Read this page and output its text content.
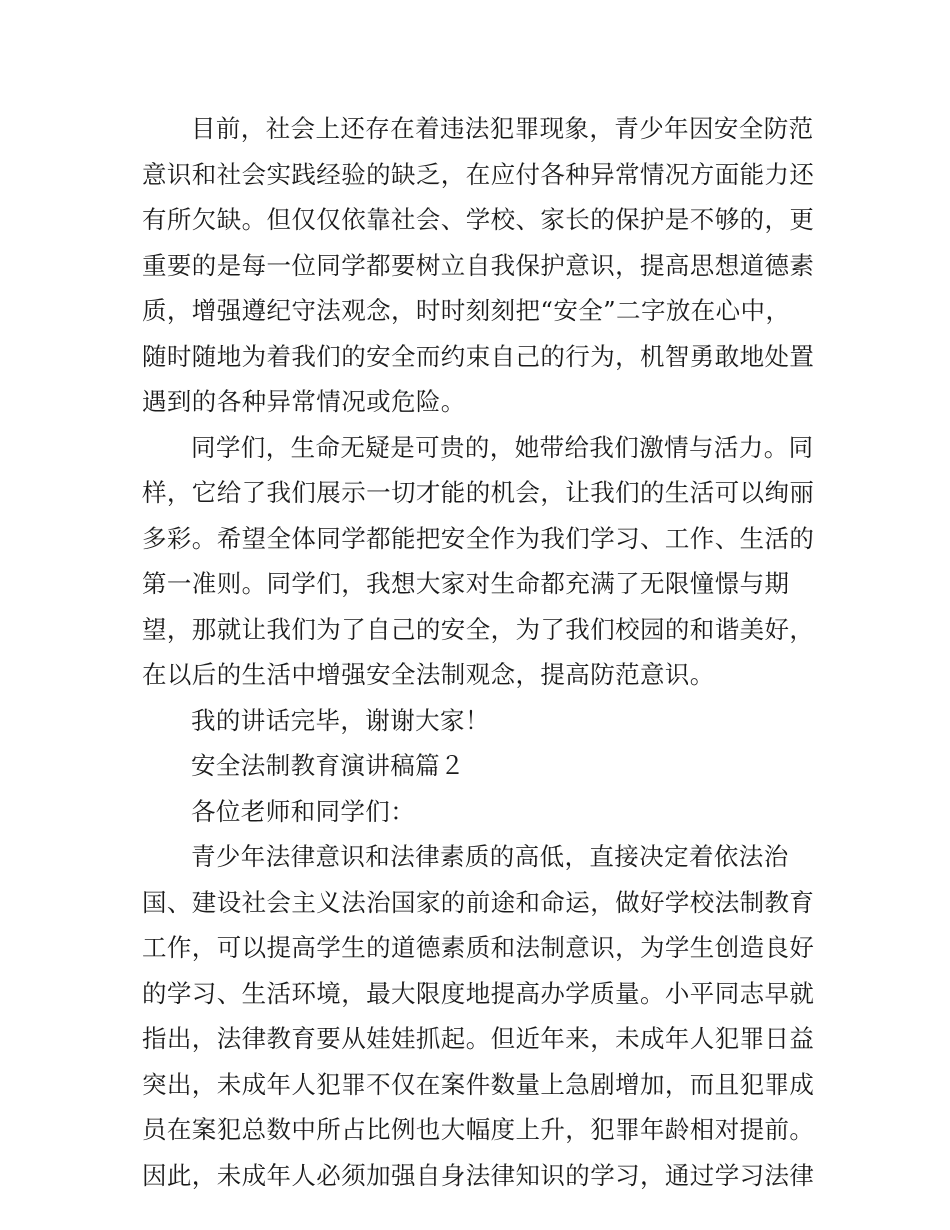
目前，社会上还存在着违法犯罪现象，青少年因安全防范
意识和社会实践经验的缺乏，在应付各种异常情况方面能力还
有所欠缺。但仅仅依靠社会、学校、家长的保护是不够的，更
重要的是每一位同学都要树立自我保护意识，提高思想道德素
质，增强遵纪守法观念，时时刻刻把“安全”二字放在心中，
随时随地为着我们的安全而约束自己的行为，机智勇敢地处置
遇到的各种异常情况或危险。

同学们，生命无疑是可贵的，她带给我们激情与活力。同
样，它给了我们展示一切才能的机会，让我们的生活可以绚丽
多彩。希望全体同学都能把安全作为我们学习、工作、生活的
第一准则。同学们，我想大家对生命都充满了无限憧憬与期
望，那就让我们为了自己的安全，为了我们校园的和谐美好，
在以后的生活中增强安全法制观念，提高防范意识。

我的讲话完毕，谢谢大家！

安全法制教育演讲稿篇２

各位老师和同学们：

青少年法律意识和法律素质的高低，直接决定着依法治
国、建设社会主义法治国家的前途和命运，做好学校法制教育
工作，可以提高学生的道德素质和法制意识，为学生创造良好
的学习、生活环境，最大限度地提高办学质量。小平同志早就
指出，法律教育要从娃娃抓起。但近年来，未成年人犯罪日益
突出，未成年人犯罪不仅在案件数量上急剧增加，而且犯罪成
员在案犯总数中所占比例也大幅度上升，犯罪年龄相对提前。
因此，未成年人必须加强自身法律知识的学习，通过学习法律
